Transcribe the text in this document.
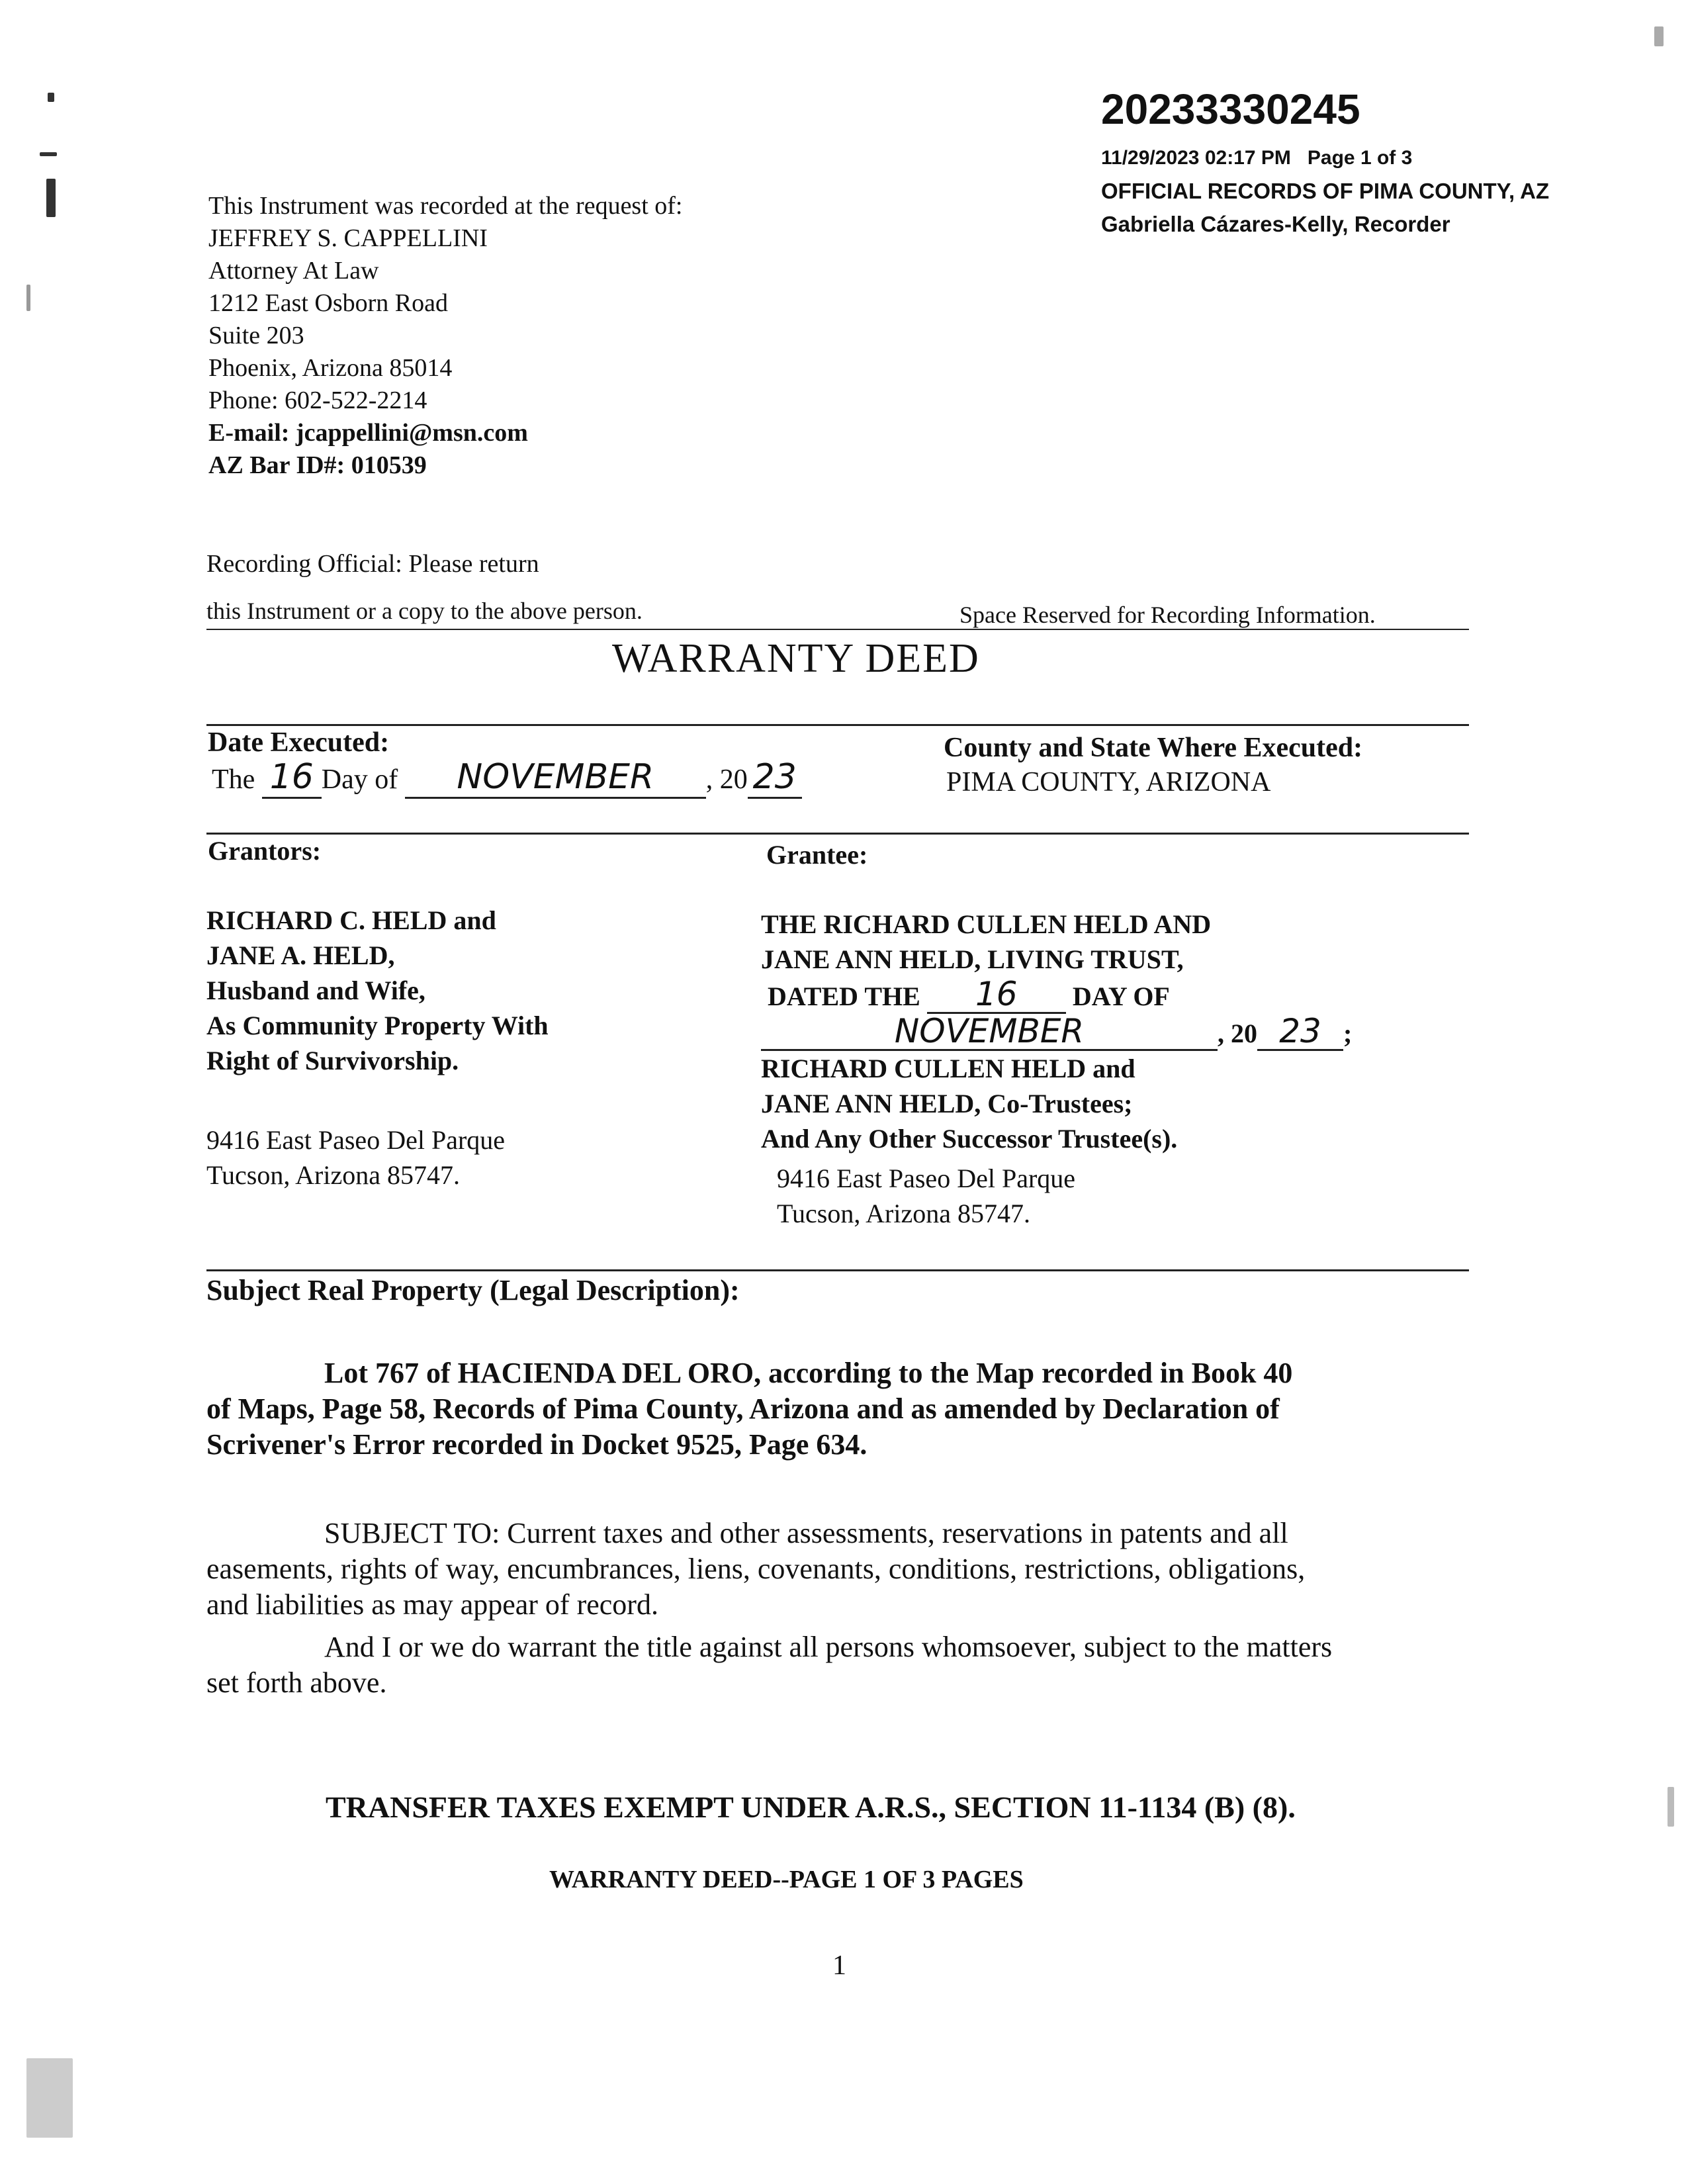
20233330245
11/29/2023 02:17 PM Page 1 of 3
OFFICIAL RECORDS OF PIMA COUNTY, AZ
Gabriella Cázares-Kelly, Recorder
This Instrument was recorded at the request of:
JEFFREY S. CAPPELLINI
Attorney At Law
1212 East Osborn Road
Suite 203
Phoenix, Arizona 85014
Phone: 602-522-2214
E-mail: jcappellini@msn.com
AZ Bar ID#: 010539
Recording Official: Please return
this Instrument or a copy to the above person.	Space Reserved for Recording Information.
WARRANTY DEED
Date Executed:
The 16 Day of NOVEMBER , 20 23
County and State Where Executed:
PIMA COUNTY, ARIZONA
Grantors:
RICHARD C. HELD and
JANE A. HELD,
Husband and Wife,
As Community Property With
Right of Survivorship.
9416 East Paseo Del Parque
Tucson, Arizona 85747.
Grantee:
THE RICHARD CULLEN HELD AND
JANE ANN HELD, LIVING TRUST,
DATED THE 16 DAY OF
NOVEMBER	, 20 23 ;
RICHARD CULLEN HELD and
JANE ANN HELD, Co-Trustees;
And Any Other Successor Trustee(s).
9416 East Paseo Del Parque
Tucson, Arizona 85747.
Subject Real Property (Legal Description):
Lot 767 of HACIENDA DEL ORO, according to the Map recorded in Book 40
of Maps, Page 58, Records of Pima County, Arizona and as amended by Declaration of
Scrivener's Error recorded in Docket 9525, Page 634.
SUBJECT TO: Current taxes and other assessments, reservations in patents and all
easements, rights of way, encumbrances, liens, covenants, conditions, restrictions, obligations,
and liabilities as may appear of record.
And I or we do warrant the title against all persons whomsoever, subject to the matters
set forth above.
TRANSFER TAXES EXEMPT UNDER A.R.S., SECTION 11-1134 (B) (8).
WARRANTY DEED--PAGE 1 OF 3 PAGES
1
